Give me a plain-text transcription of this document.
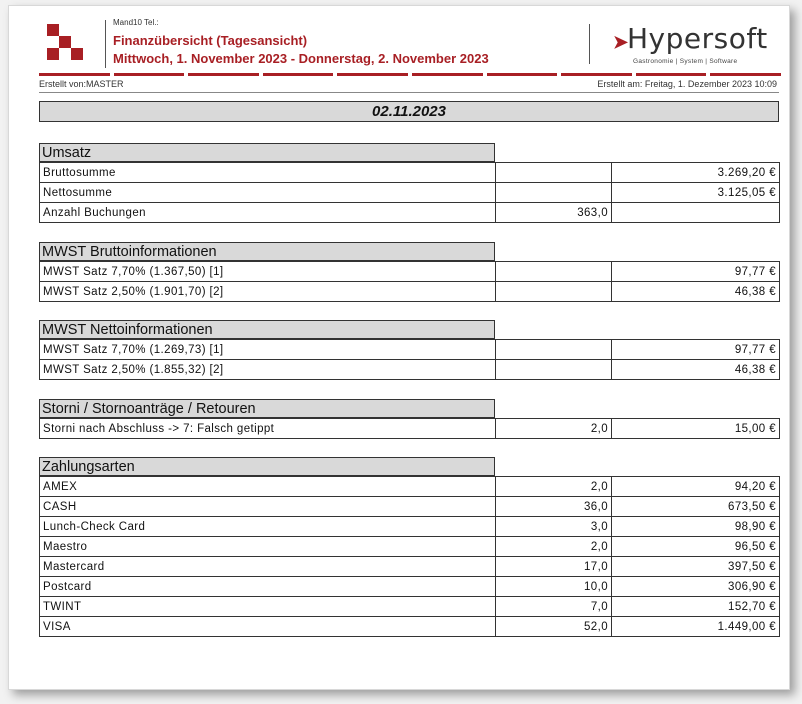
Mand10 Tel.:
Finanzübersicht (Tagesansicht)
Mittwoch, 1. November 2023 - Donnerstag, 2. November 2023
➤
Hypersoft
Gastronomie | System | Software
Erstellt von:MASTER	Erstellt am: Freitag, 1. Dezember 2023 10:09
02.11.2023
Umsatz
Bruttosumme		3.269,20 €
Nettosumme		3.125,05 €
Anzahl Buchungen	363,0	
MWST Bruttoinformationen
MWST Satz 7,70% (1.367,50) [1]		97,77 €
MWST Satz 2,50% (1.901,70) [2]		46,38 €
MWST Nettoinformationen
MWST Satz 7,70% (1.269,73) [1]		97,77 €
MWST Satz 2,50% (1.855,32) [2]		46,38 €
Storni / Stornoanträge / Retouren
Storni nach Abschluss -> 7: Falsch getippt	2,0	15,00 €
Zahlungsarten
AMEX	2,0	94,20 €
CASH	36,0	673,50 €
Lunch-Check Card	3,0	98,90 €
Maestro	2,0	96,50 €
Mastercard	17,0	397,50 €
Postcard	10,0	306,90 €
TWINT	7,0	152,70 €
VISA	52,0	1.449,00 €
